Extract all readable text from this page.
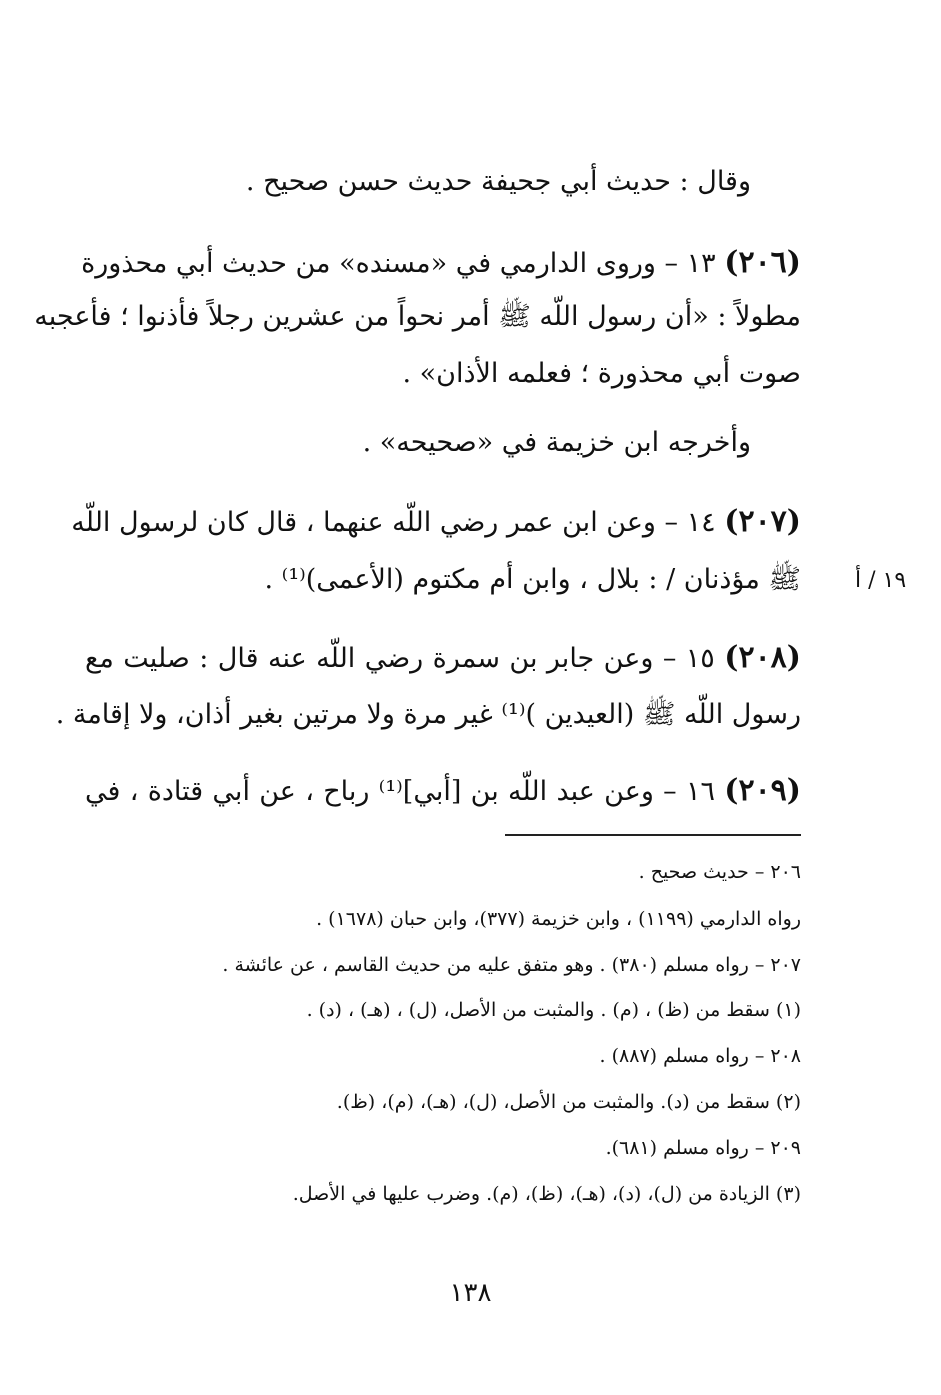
وقال : حديث أبي جحيفة حديث حسن صحيح .
(٢٠٦) ١٣ – وروى الدارمي في «مسنده» من حديث أبي محذورة
مطولاً : «أن رسول اللّه ﷺ أمر نحواً من عشرين رجلاً فأذنوا ؛ فأعجبه
صوت أبي محذورة ؛ فعلمه الأذان» .
وأخرجه ابن خزيمة في «صحيحه» .
(٢٠٧) ١٤ – وعن ابن عمر رضي اللّه عنهما ، قال كان لرسول اللّه
ﷺ مؤذنان / : بلال ، وابن أم مكتوم (الأعمى)⁽¹⁾ . ١٩ / أ
(٢٠٨) ١٥ – وعن جابر بن سمرة رضي اللّه عنه قال : صليت مع
رسول اللّه ﷺ (العيدين )⁽¹⁾ غير مرة ولا مرتين بغير أذان، ولا إقامة .
(٢٠٩) ١٦ – وعن عبد اللّه بن [أبي]⁽¹⁾ رباح ، عن أبي قتادة ، في
٢٠٦ – حديث صحيح .
رواه الدارمي (١١٩٩) ، وابن خزيمة (٣٧٧)، وابن حبان (١٦٧٨) .
٢٠٧ – رواه مسلم (٣٨٠) . وهو متفق عليه من حديث القاسم ، عن عائشة .
(١) سقط من (ظ) ، (م) . والمثبت من الأصل، (ل) ، (هـ) ، (د) .
٢٠٨ – رواه مسلم (٨٨٧) .
(٢) سقط من (د). والمثبت من الأصل، (ل)، (هـ)، (م)، (ظ).
٢٠٩ – رواه مسلم (٦٨١).
(٣) الزيادة من (ل)، (د)، (هـ)، (ظ)، (م). وضرب عليها في الأصل.
١٣٨
